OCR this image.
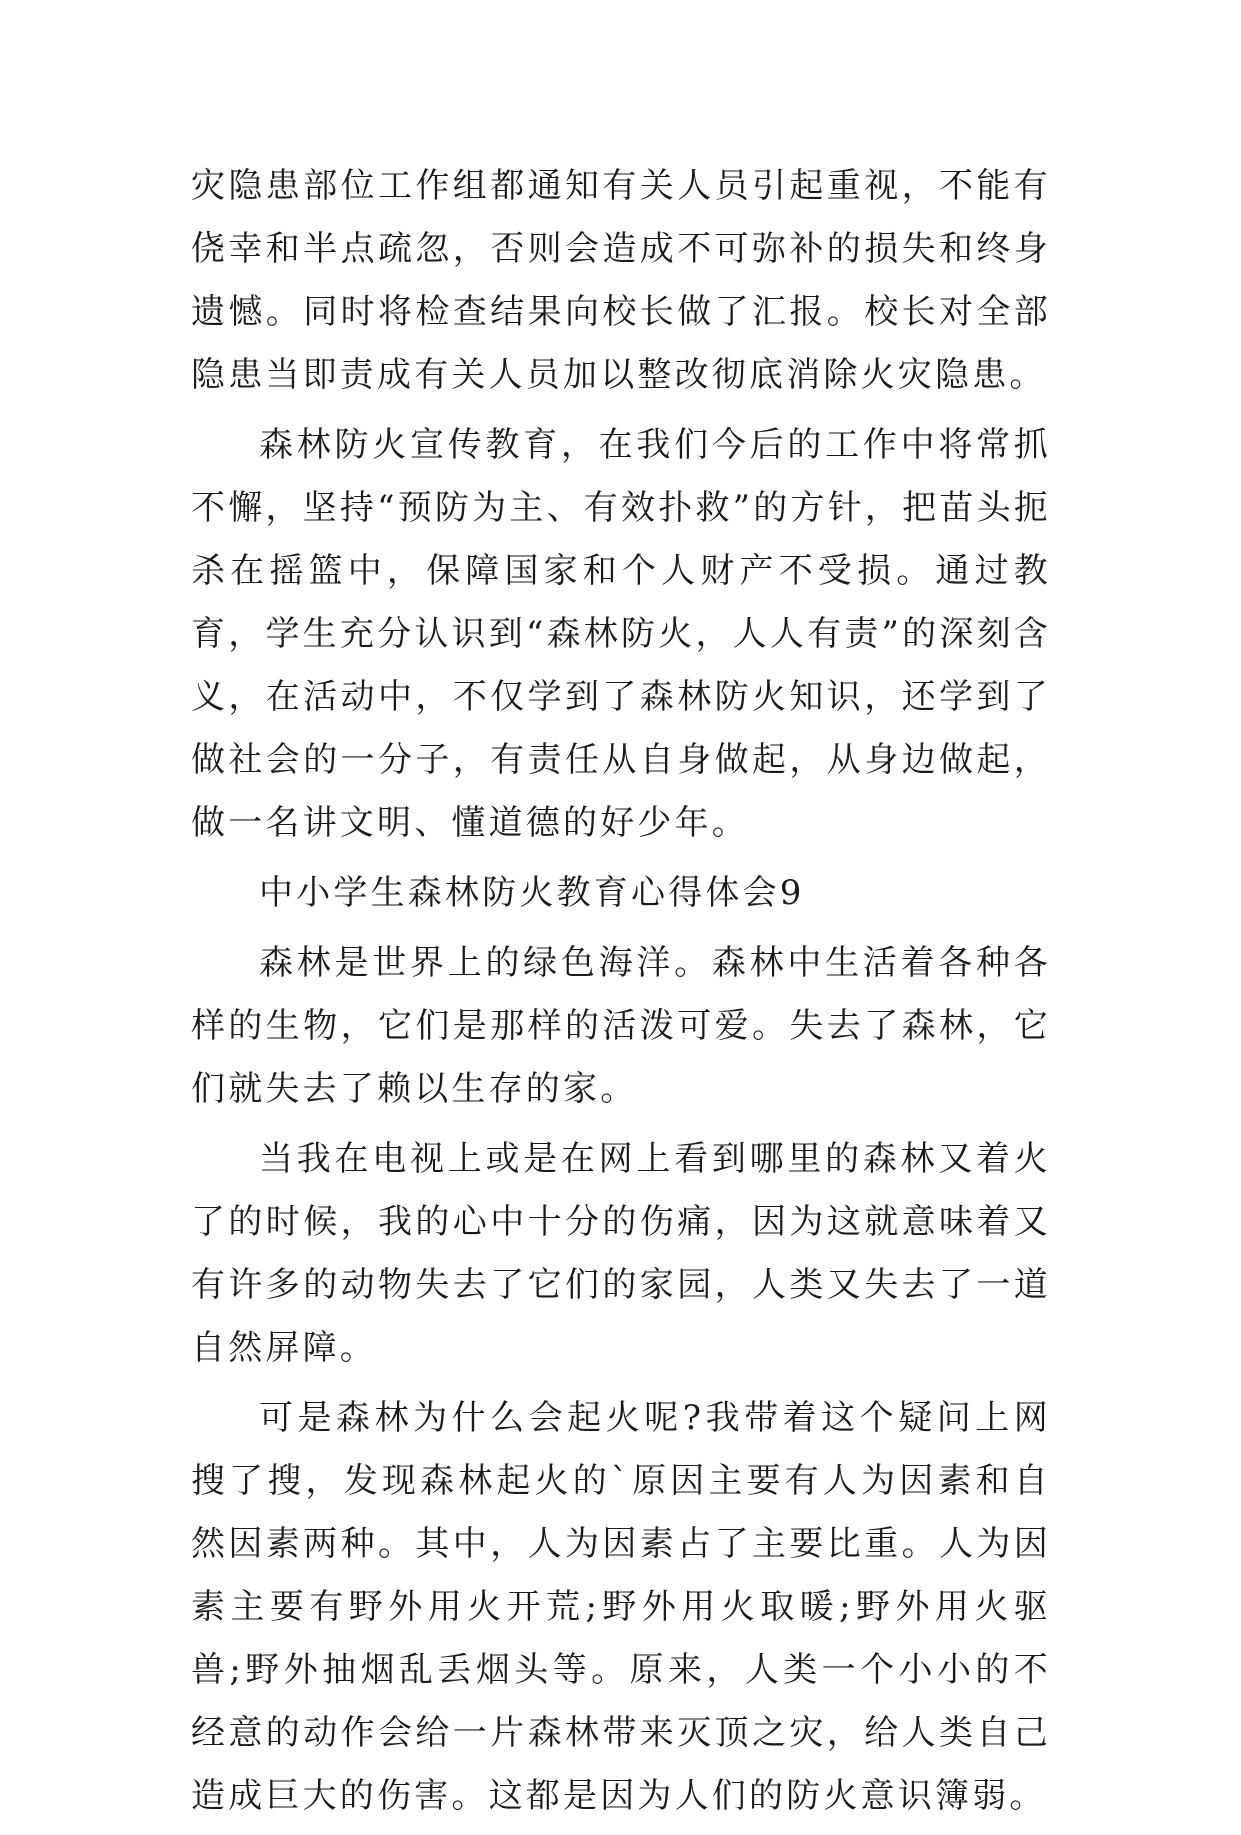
灾隐患部位工作组都通知有关人员引起重视，不能有侥幸和半点疏忽，否则会造成不可弥补的损失和终身遗憾。同时将检查结果向校长做了汇报。校长对全部隐患当即责成有关人员加以整改彻底消除火灾隐患。

森林防火宣传教育，在我们今后的工作中将常抓不懈，坚持“预防为主、有效扑救”的方针，把苗头扼杀在摇篮中，保障国家和个人财产不受损。通过教育，学生充分认识到“森林防火，人人有责”的深刻含义，在活动中，不仅学到了森林防火知识，还学到了做社会的一分子，有责任从自身做起，从身边做起，做一名讲文明、懂道德的好少年。

中小学生森林防火教育心得体会9

森林是世界上的绿色海洋。森林中生活着各种各样的生物，它们是那样的活泼可爱。失去了森林，它们就失去了赖以生存的家。

当我在电视上或是在网上看到哪里的森林又着火了的时候，我的心中十分的伤痛，因为这就意味着又有许多的动物失去了它们的家园，人类又失去了一道自然屏障。

可是森林为什么会起火呢?我带着这个疑问上网搜了搜，发现森林起火的`原因主要有人为因素和自然因素两种。其中，人为因素占了主要比重。人为因素主要有野外用火开荒;野外用火取暖;野外用火驱兽;野外抽烟乱丢烟头等。原来，人类一个小小的不经意的动作会给一片森林带来灭顶之灾，给人类自己造成巨大的伤害。这都是因为人们的防火意识簿弱。
